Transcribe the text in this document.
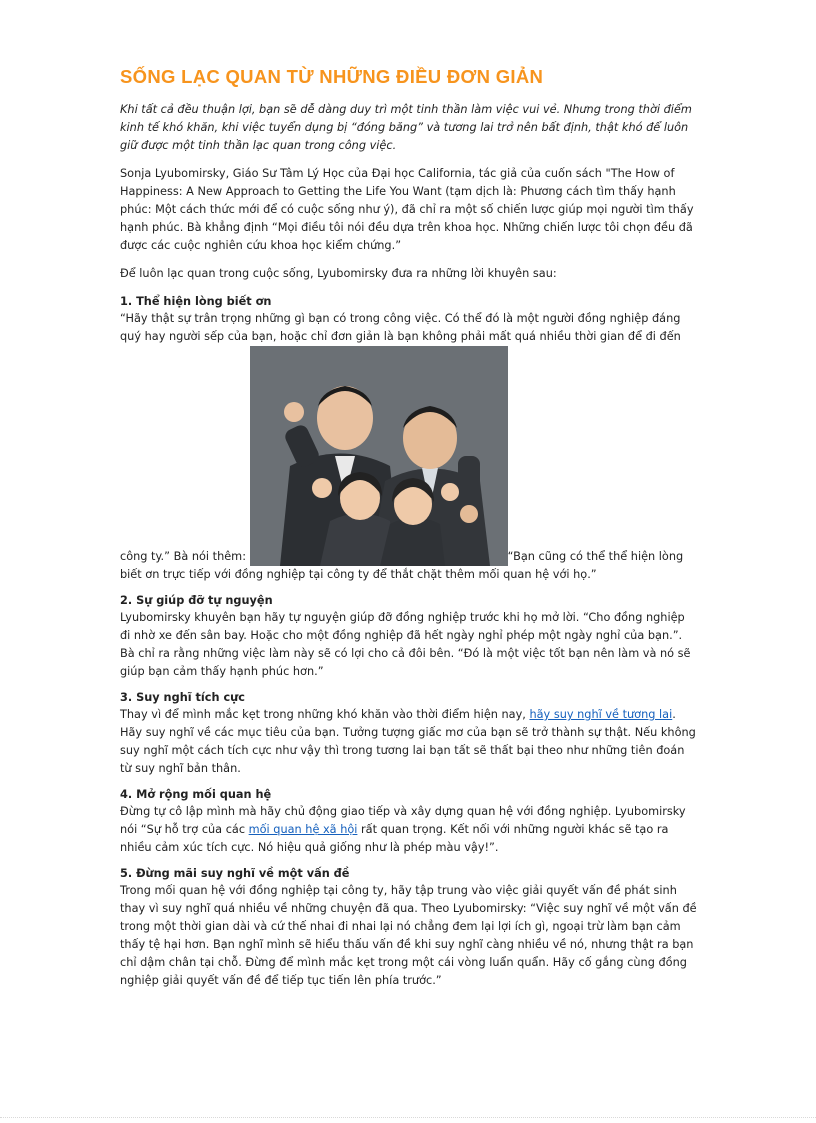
SỐNG LẠC QUAN TỪ NHỮNG ĐIỀU ĐƠN GIẢN

Khi tất cả đều thuận lợi, bạn sẽ dễ dàng duy trì một tinh thần làm việc vui vẻ. Nhưng trong thời điểm kinh tế khó khăn, khi việc tuyển dụng bị “đóng băng” và tương lai trở nên bất định, thật khó để luôn giữ được một tinh thần lạc quan trong công việc.

Sonja Lyubomirsky, Giáo Sư Tâm Lý Học của Đại học California, tác giả của cuốn sách "The How of Happiness: A New Approach to Getting the Life You Want (tạm dịch là: Phương cách tìm thấy hạnh phúc: Một cách thức mới để có cuộc sống như ý), đã chỉ ra một số chiến lược giúp mọi người tìm thấy hạnh phúc. Bà khẳng định “Mọi điều tôi nói đều dựa trên khoa học. Những chiến lược tôi chọn đều đã được các cuộc nghiên cứu khoa học kiểm chứng.”

Để luôn lạc quan trong cuộc sống, Lyubomirsky đưa ra những lời khuyên sau:

1. Thể hiện lòng biết ơn

“Hãy thật sự trân trọng những gì bạn có trong công việc. Có thể đó là một người đồng nghiệp đáng quý hay người sếp của bạn, hoặc chỉ đơn giản là bạn không phải mất quá nhiều thời gian để đi đến công ty.” Bà nói thêm:	“Bạn cũng có thể thể hiện lòng biết ơn trực tiếp với đồng nghiệp tại công ty để thắt chặt thêm mối quan hệ với họ.”

2. Sự giúp đỡ tự nguyện

Lyubomirsky khuyên bạn hãy tự nguyện giúp đỡ đồng nghiệp trước khi họ mở lời. “Cho đồng nghiệp đi nhờ xe đến sân bay. Hoặc cho một đồng nghiệp đã hết ngày nghỉ phép một ngày nghỉ của bạn.”. Bà chỉ ra rằng những việc làm này sẽ có lợi cho cả đôi bên. “Đó là một việc tốt bạn nên làm và nó sẽ giúp bạn cảm thấy hạnh phúc hơn.”

3. Suy nghĩ tích cực

Thay vì để mình mắc kẹt trong những khó khăn vào thời điểm hiện nay, hãy suy nghĩ về tương lai. Hãy suy nghĩ về các mục tiêu của bạn. Tưởng tượng giấc mơ của bạn sẽ trở thành sự thật. Nếu không suy nghĩ một cách tích cực như vậy thì trong tương lai bạn tất sẽ thất bại theo như những tiên đoán từ suy nghĩ bản thân.

4. Mở rộng mối quan hệ

Đừng tự cô lập mình mà hãy chủ động giao tiếp và xây dựng quan hệ với đồng nghiệp. Lyubomirsky nói “Sự hỗ trợ của các mối quan hệ xã hội rất quan trọng. Kết nối với những người khác sẽ tạo ra nhiều cảm xúc tích cực. Nó hiệu quả giống như là phép màu vậy!”.

5. Đừng mãi suy nghĩ về một vấn đề

Trong mối quan hệ với đồng nghiệp tại công ty, hãy tập trung vào việc giải quyết vấn đề phát sinh thay vì suy nghĩ quá nhiều về những chuyện đã qua. Theo Lyubomirsky: “Việc suy nghĩ về một vấn đề trong một thời gian dài và cứ thế nhai đi nhai lại nó chẳng đem lại lợi ích gì, ngoại trừ làm bạn cảm thấy tệ hại hơn. Bạn nghĩ mình sẽ hiểu thấu vấn đề khi suy nghĩ càng nhiều về nó, nhưng thật ra bạn chỉ dậm chân tại chỗ. Đừng để mình mắc kẹt trong một cái vòng luẩn quẩn. Hãy cố gắng cùng đồng nghiệp giải quyết vấn đề để tiếp tục tiến lên phía trước.”
